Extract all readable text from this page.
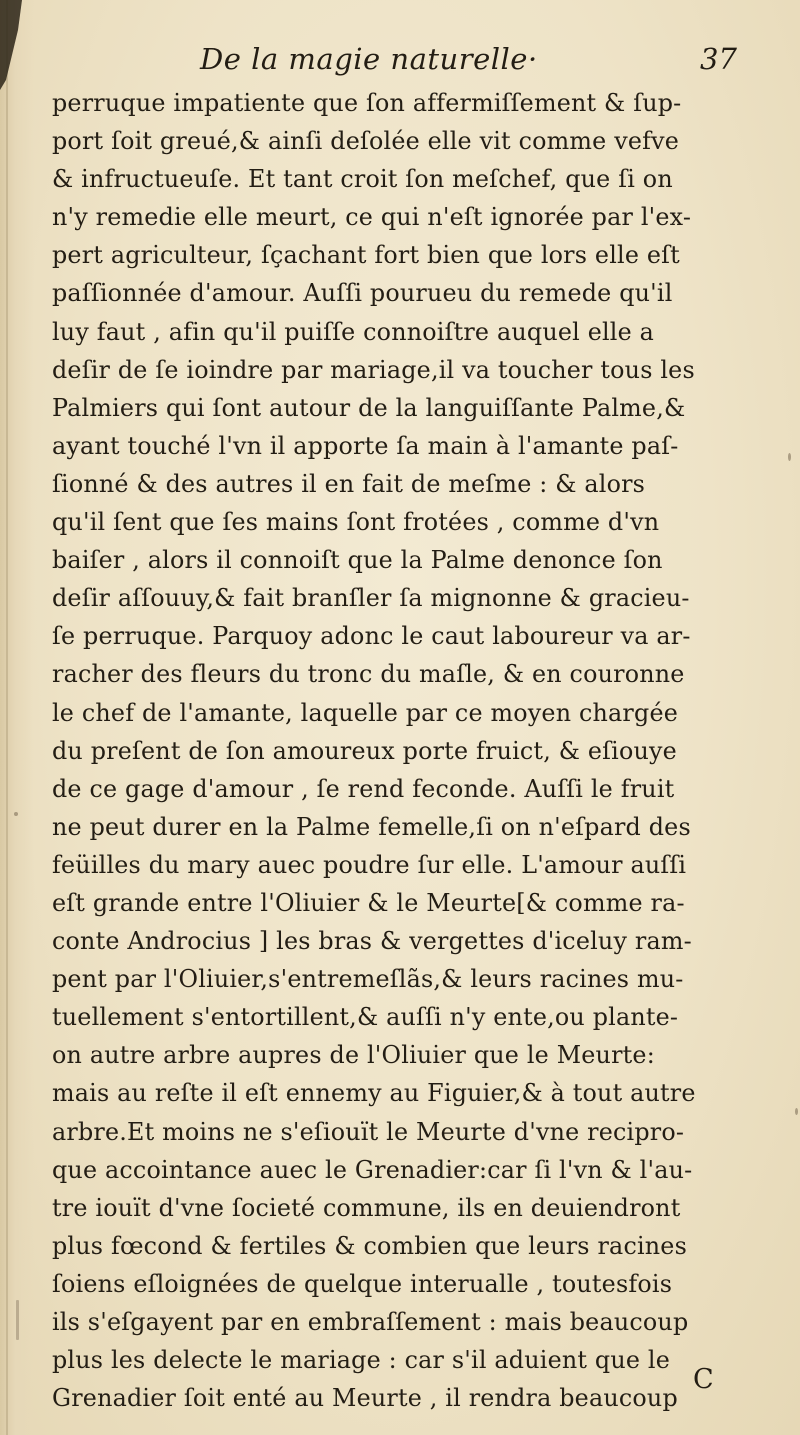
De la magie naturelle·	37
perruque impatiente que ſon affermiſſement & ſup-
port ſoit greué,& ainſi deſolée elle vit comme vefve
& infructueuſe. Et tant croit ſon meſchef, que ſi on
n'y remedie elle meurt, ce qui n'eſt ignorée par l'ex-
pert agriculteur, ſçachant fort bien que lors elle eſt
paſſionnée d'amour. Auſſi pourueu du remede qu'il
luy faut , afin qu'il puiſſe connoiſtre auquel elle a
deſir de ſe ioindre par mariage,il va toucher tous les
Palmiers qui ſont autour de la languiſſante Palme,&
ayant touché l'vn il apporte ſa main à l'amante paſ-
ſionné & des autres il en fait de meſme : & alors
qu'il ſent que ſes mains ſont frotées , comme d'vn
baiſer , alors il connoiſt que la Palme denonce ſon
deſir aſſouuy,& fait branſler ſa mignonne & gracieu-
ſe perruque. Parquoy adonc le caut laboureur va ar-
racher des fleurs du tronc du maſle, & en couronne
le chef de l'amante, laquelle par ce moyen chargée
du preſent de ſon amoureux porte fruict, & eſiouye
de ce gage d'amour , ſe rend feconde. Auſſi le fruit
ne peut durer en la Palme femelle,ſi on n'eſpard des
feüilles du mary auec poudre ſur elle. L'amour auſſi
eſt grande entre l'Oliuier & le Meurte[& comme ra-
conte Androcius ] les bras & vergettes d'iceluy ram-
pent par l'Oliuier,s'entremeſlãs,& leurs racines mu-
tuellement s'entortillent,& auſſi n'y ente,ou plante-
on autre arbre aupres de l'Oliuier que le Meurte:
mais au reſte il eſt ennemy au Figuier,& à tout autre
arbre.Et moins ne s'eſiouït le Meurte d'vne recipro-
que accointance auec le Grenadier:car ſi l'vn & l'au-
tre iouït d'vne ſocieté commune, ils en deuiendront
plus fœcond & fertiles & combien que leurs racines
ſoiens eſloignées de quelque interualle , toutesfois
ils s'eſgayent par en embraſſement : mais beaucoup
plus les delecte le mariage : car s'il aduient que le
Grenadier ſoit enté au Meurte , il rendra beaucoup
C
